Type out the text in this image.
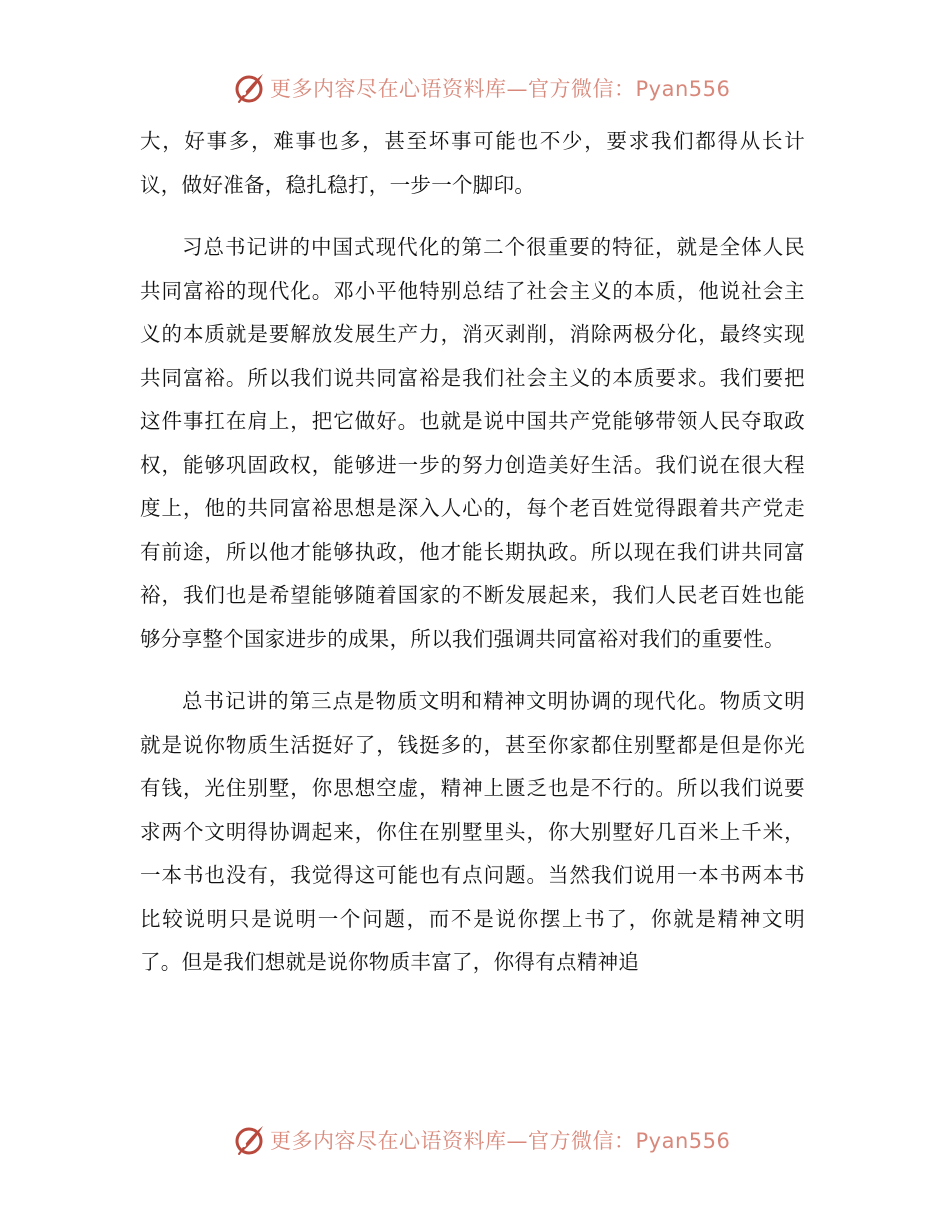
更多内容尽在心语资料库—官方微信：Pyan556

大，好事多，难事也多，甚至坏事可能也不少，要求我们都得从长计议，做好准备，稳扎稳打，一步一个脚印。

习总书记讲的中国式现代化的第二个很重要的特征，就是全体人民共同富裕的现代化。邓小平他特别总结了社会主义的本质，他说社会主义的本质就是要解放发展生产力，消灭剥削，消除两极分化，最终实现共同富裕。所以我们说共同富裕是我们社会主义的本质要求。我们要把这件事扛在肩上，把它做好。也就是说中国共产党能够带领人民夺取政权，能够巩固政权，能够进一步的努力创造美好生活。我们说在很大程度上，他的共同富裕思想是深入人心的，每个老百姓觉得跟着共产党走有前途，所以他才能够执政，他才能长期执政。所以现在我们讲共同富裕，我们也是希望能够随着国家的不断发展起来，我们人民老百姓也能够分享整个国家进步的成果，所以我们强调共同富裕对我们的重要性。

总书记讲的第三点是物质文明和精神文明协调的现代化。物质文明就是说你物质生活挺好了，钱挺多的，甚至你家都住别墅都是但是你光有钱，光住别墅，你思想空虚，精神上匮乏也是不行的。所以我们说要求两个文明得协调起来，你住在别墅里头，你大别墅好几百米上千米，一本书也没有，我觉得这可能也有点问题。当然我们说用一本书两本书比较说明只是说明一个问题，而不是说你摆上书了，你就是精神文明了。但是我们想就是说你物质丰富了，你得有点精神追

更多内容尽在心语资料库—官方微信：Pyan556
